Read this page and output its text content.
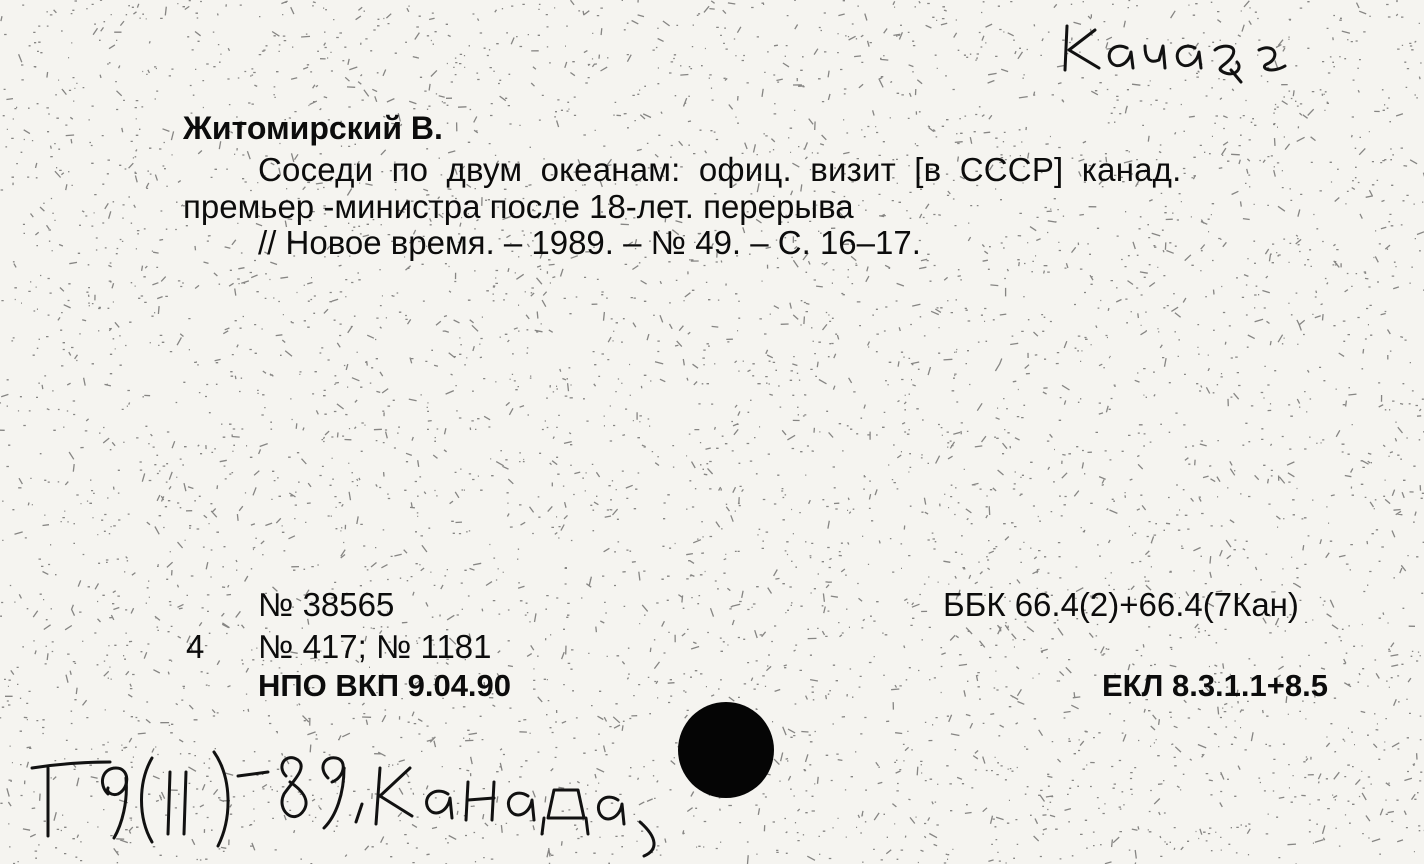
Канада
Житомирский В.
Соседи по двум океанам: офиц. визит [в СССР] канад.
премьер -министра после 18-лет. перерыва
// Новое время. – 1989. – № 49. – С. 16–17.
№ 38565
4 № 417; № 1181
НПО ВКП 9.04.90
ББК 66.4(2)+66.4(7Кан)
ЕКЛ 8.3.1.1+8.5
Г9(II) 89 Канада
